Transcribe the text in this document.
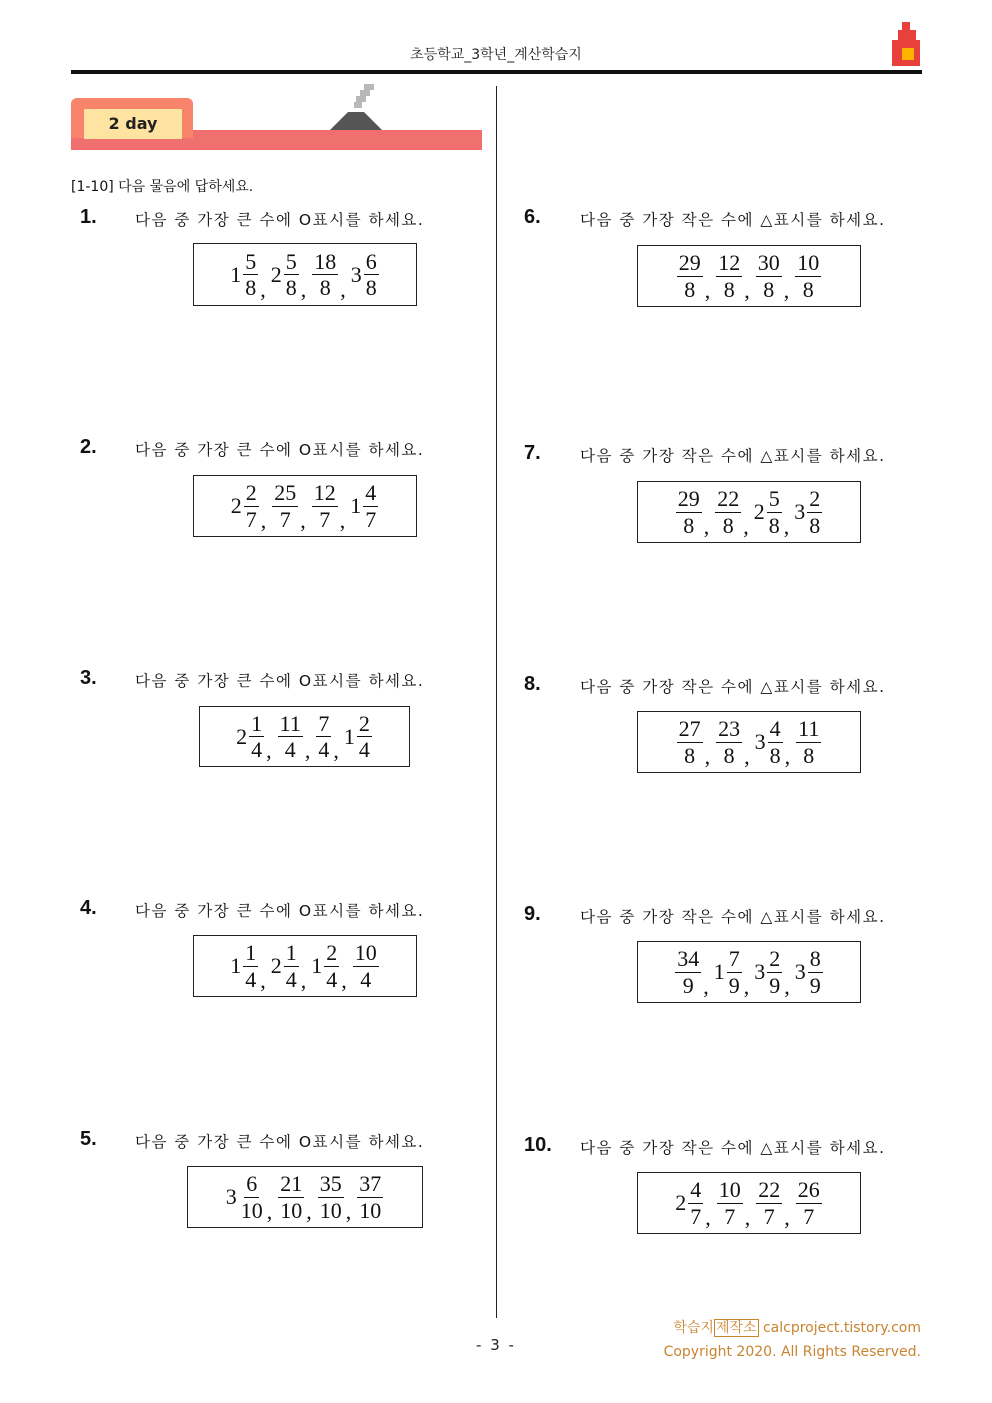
초등학교_3학년_계산학습지
2 day
[1-10] 다음 물음에 답하세요.
1. 다음 중 가장 큰 수에 O표시를 하세요.
$1 \frac{5}{8}$ ,
$2 \frac{5}{8}$ , $\frac{18}{8}$ ,
$3 \frac{6}{8}$
2. 다음 중 가장 큰 수에 O표시를 하세요.
$2 \frac{2}{7}$ , $\frac{25}{7}$ , $\frac{12}{7}$ ,
$1 \frac{4}{7}$
3. 다음 중 가장 큰 수에 O표시를 하세요.
$2 \frac{1}{4}$ , $\frac{11}{4}$ , $\frac{7}{4}$ ,
$1 \frac{2}{4}$
4. 다음 중 가장 큰 수에 O표시를 하세요.
$1 \frac{1}{4}$ ,
$2 \frac{1}{4}$ ,
$1 \frac{2}{4}$ , $\frac{10}{4}$
5. 다음 중 가장 큰 수에 O표시를 하세요.
$3 \frac{6}{10}$ , $\frac{21}{10}$ , $\frac{35}{10}$ , $\frac{37}{10}$
6.	다음 중 가장 작은 수에 △표시를 하세요.
$\frac{29}{8}$ , $\frac{12}{8}$ , $\frac{30}{8}$ , $\frac{10}{8}$
7.	다음 중 가장 작은 수에 △표시를 하세요.
$\frac{29}{8}$ , $\frac{22}{8}$ ,
$2 \frac{5}{8}$ ,
$3 \frac{2}{8}$
8.	다음 중 가장 작은 수에 △표시를 하세요.
$\frac{27}{8}$ , $\frac{23}{8}$ ,
$3 \frac{4}{8}$ , $\frac{11}{8}$
9.	다음 중 가장 작은 수에 △표시를 하세요.
$\frac{34}{9}$ ,
$1 \frac{7}{9}$ ,
$3 \frac{2}{9}$ ,
$3 \frac{8}{9}$
10. 다음 중 가장 작은 수에 △표시를 하세요.
$2 \frac{4}{7}$ , $\frac{10}{7}$ , $\frac{22}{7}$ , $\frac{26}{7}$
- 3 -
학습지 제작소 calcproject.tistory.com
Copyright 2020. All Rights Reserved.
